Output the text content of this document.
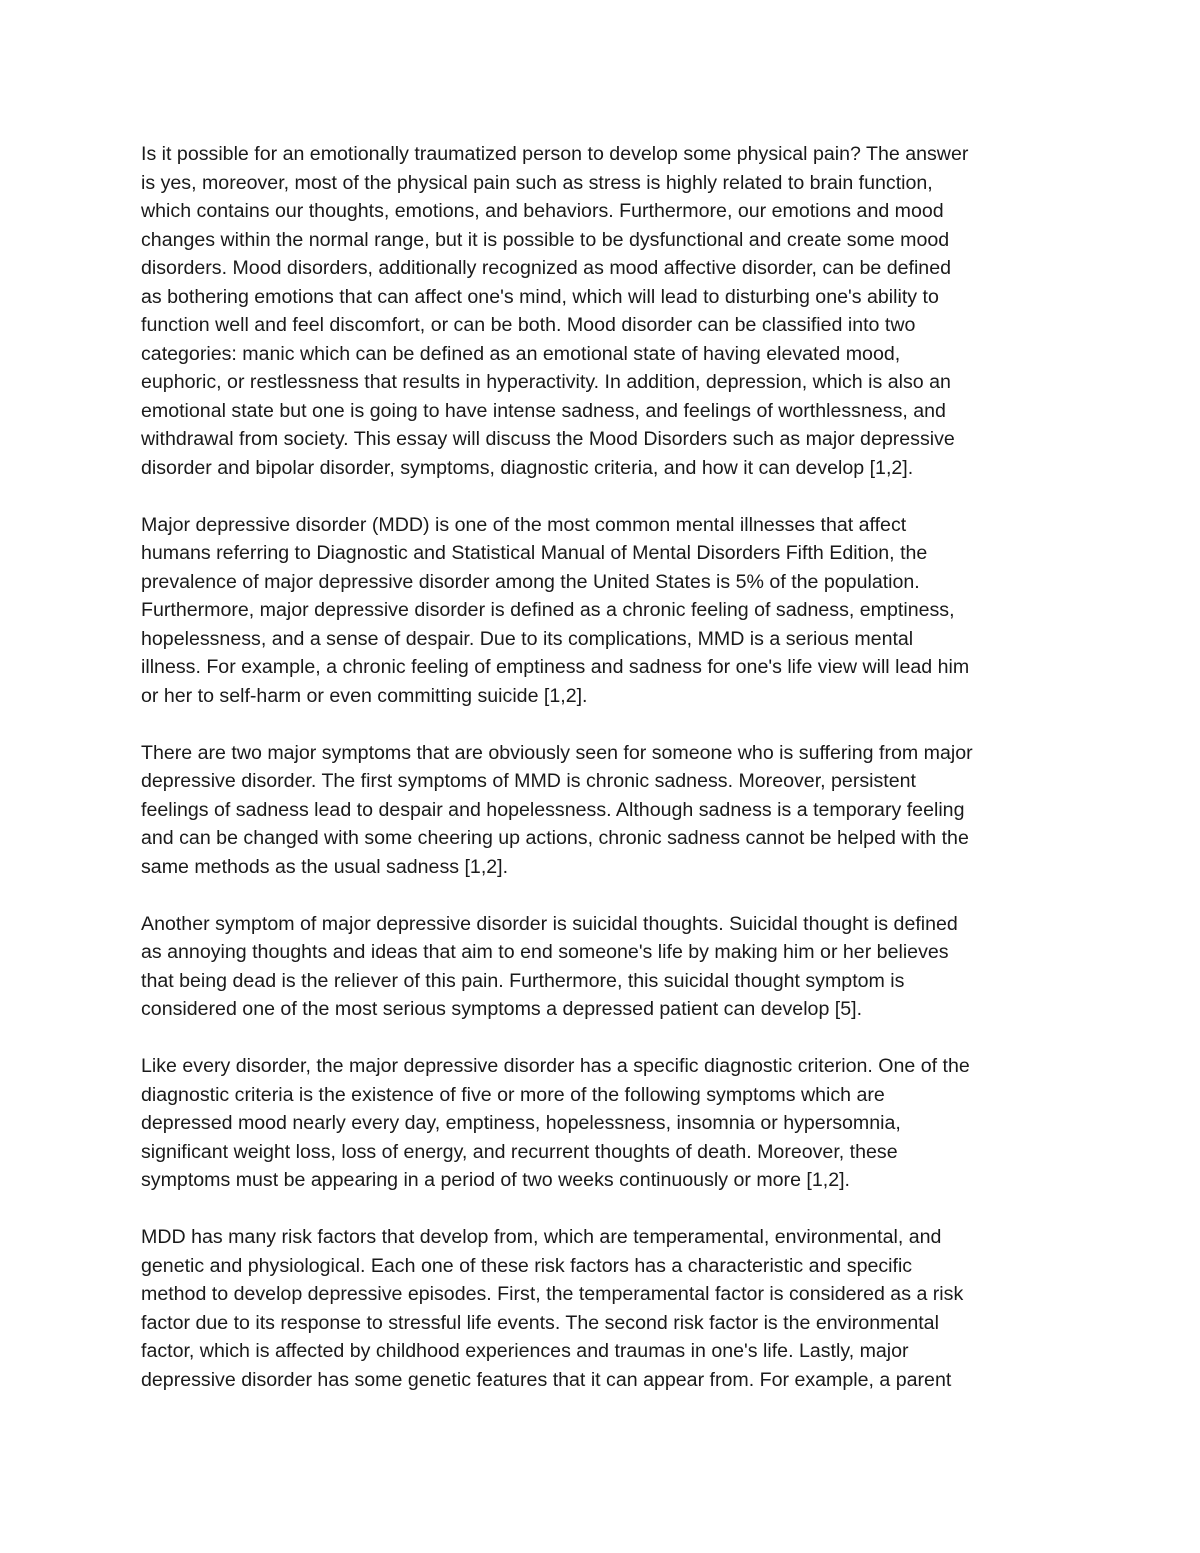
Is it possible for an emotionally traumatized person to develop some physical pain? The answer
is yes, moreover, most of the physical pain such as stress is highly related to brain function,
which contains our thoughts, emotions, and behaviors. Furthermore, our emotions and mood
changes within the normal range, but it is possible to be dysfunctional and create some mood
disorders. Mood disorders, additionally recognized as mood affective disorder, can be defined
as bothering emotions that can affect one's mind, which will lead to disturbing one's ability to
function well and feel discomfort, or can be both. Mood disorder can be classified into two
categories: manic which can be defined as an emotional state of having elevated mood,
euphoric, or restlessness that results in hyperactivity. In addition, depression, which is also an
emotional state but one is going to have intense sadness, and feelings of worthlessness, and
withdrawal from society. This essay will discuss the Mood Disorders such as major depressive
disorder and bipolar disorder, symptoms, diagnostic criteria, and how it can develop [1,2].

Major depressive disorder (MDD) is one of the most common mental illnesses that affect
humans referring to Diagnostic and Statistical Manual of Mental Disorders Fifth Edition, the
prevalence of major depressive disorder among the United States is 5% of the population.
Furthermore, major depressive disorder is defined as a chronic feeling of sadness, emptiness,
hopelessness, and a sense of despair. Due to its complications, MMD is a serious mental
illness. For example, a chronic feeling of emptiness and sadness for one's life view will lead him
or her to self-harm or even committing suicide [1,2].

There are two major symptoms that are obviously seen for someone who is suffering from major
depressive disorder. The first symptoms of MMD is chronic sadness. Moreover, persistent
feelings of sadness lead to despair and hopelessness. Although sadness is a temporary feeling
and can be changed with some cheering up actions, chronic sadness cannot be helped with the
same methods as the usual sadness [1,2].

Another symptom of major depressive disorder is suicidal thoughts. Suicidal thought is defined
as annoying thoughts and ideas that aim to end someone's life by making him or her believes
that being dead is the reliever of this pain. Furthermore, this suicidal thought symptom is
considered one of the most serious symptoms a depressed patient can develop [5].

Like every disorder, the major depressive disorder has a specific diagnostic criterion. One of the
diagnostic criteria is the existence of five or more of the following symptoms which are
depressed mood nearly every day, emptiness, hopelessness, insomnia or hypersomnia,
significant weight loss, loss of energy, and recurrent thoughts of death. Moreover, these
symptoms must be appearing in a period of two weeks continuously or more [1,2].

MDD has many risk factors that develop from, which are temperamental, environmental, and
genetic and physiological. Each one of these risk factors has a characteristic and specific
method to develop depressive episodes. First, the temperamental factor is considered as a risk
factor due to its response to stressful life events. The second risk factor is the environmental
factor, which is affected by childhood experiences and traumas in one's life. Lastly, major
depressive disorder has some genetic features that it can appear from. For example, a parent
